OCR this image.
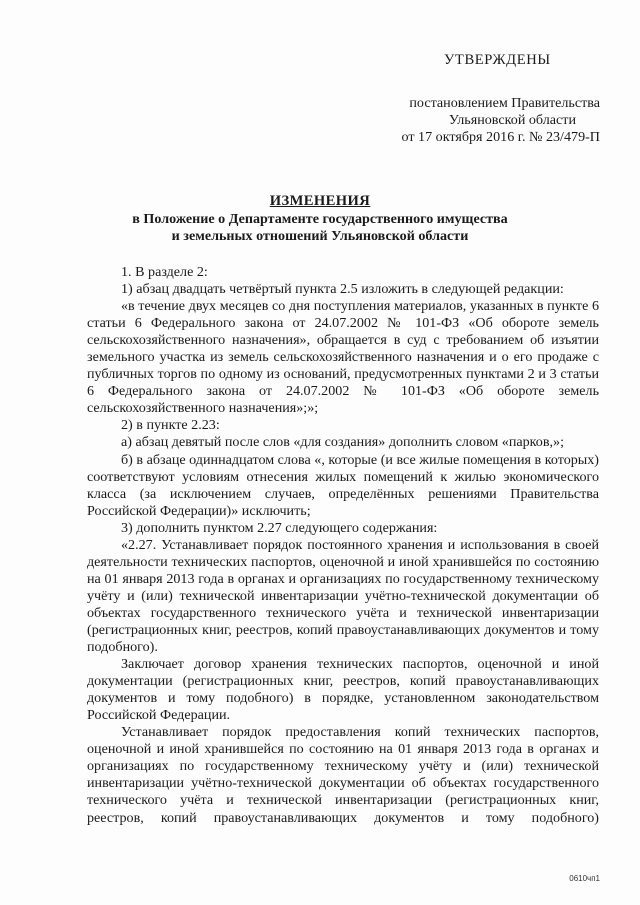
УТВЕРЖДЕНЫ
постановлением Правительства
Ульяновской области
от 17 октября 2016 г. № 23/479-П
ИЗМЕНЕНИЯ
в Положение о Департаменте государственного имущества
и земельных отношений Ульяновской области

1. В разделе 2:

1) абзац двадцать четвёртый пункта 2.5 изложить в следующей редакции:

«в течение двух месяцев со дня поступления материалов, указанных в пункте 6 статьи 6 Федерального закона от 24.07.2002 № 101-ФЗ «Об обороте земель сельскохозяйственного назначения», обращается в суд с требованием об изъятии земельного участка из земель сельскохозяйственного назначения и о его продаже с публичных торгов по одному из оснований, предусмотренных пунктами 2 и 3 статьи 6 Федерального закона от 24.07.2002 № 101-ФЗ «Об обороте земель сельскохозяйственного назначения»;»;

2) в пункте 2.23:

а) абзац девятый после слов «для создания» дополнить словом «парков,»;

б) в абзаце одиннадцатом слова «, которые (и все жилые помещения в которых) соответствуют условиям отнесения жилых помещений к жилью экономического класса (за исключением случаев, определённых решениями Правительства Российской Федерации)» исключить;

3) дополнить пунктом 2.27 следующего содержания:

«2.27. Устанавливает порядок постоянного хранения и использования в своей деятельности технических паспортов, оценочной и иной хранившейся по состоянию на 01 января 2013 года в органах и организациях по государственному техническому учёту и (или) технической инвентаризации учётно-технической документации об объектах государственного технического учёта и технической инвентаризации (регистрационных книг, реестров, копий правоустанавливающих документов и тому подобного).

Заключает договор хранения технических паспортов, оценочной и иной документации (регистрационных книг, реестров, копий правоустанавливающих документов и тому подобного) в порядке, установленном законодательством Российской Федерации.

Устанавливает порядок предоставления копий технических паспортов, оценочной и иной хранившейся по состоянию на 01 января 2013 года в органах и организациях по государственному техническому учёту и (или) технической инвентаризации учётно-технической документации об объектах государственного технического учёта и технической инвентаризации (регистрационных книг, реестров, копий правоустанавливающих документов и тому подобного)

0610чп1
